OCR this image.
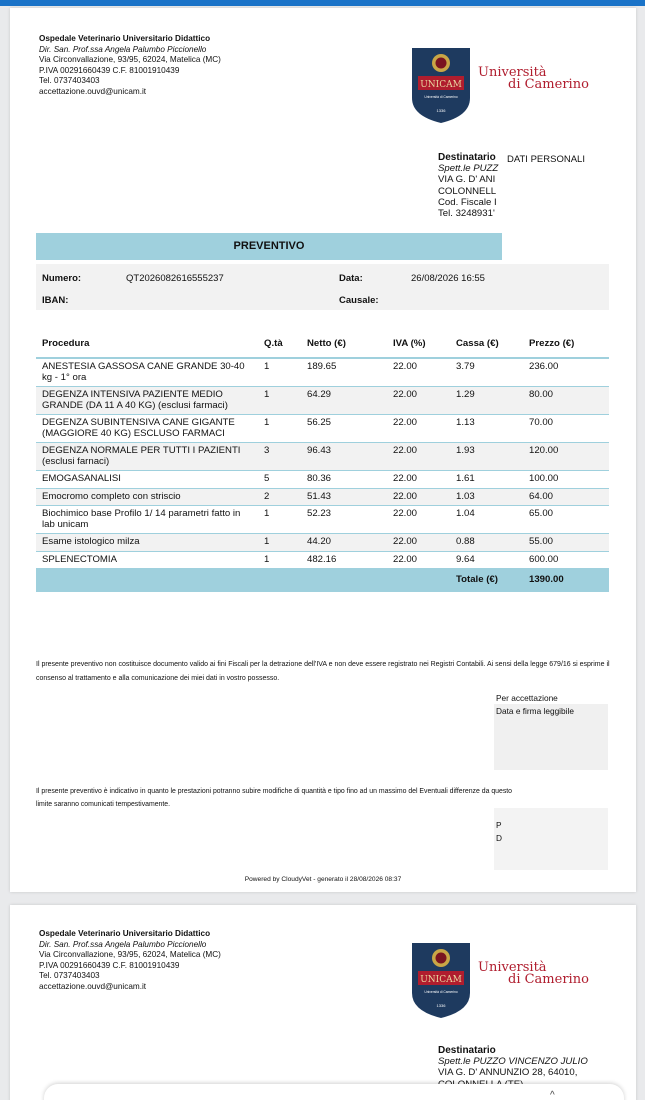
Ospedale Veterinario Universitario Didattico
Dir. San. Prof.ssa Angela Palumbo Piccionello
Via Circonvallazione, 93/95, 62024, Matelica (MC)
P.IVA 00291660439 C.F. 81001910439
Tel. 0737403403
accettazione.ouvd@unicam.it
UNICAM
Università di Camerino
1336
Università
di Camerino
Destinatario
Spett.le PUZZ
VIA G. D' ANI
COLONNELL
Cod. Fiscale I
Tel. 3248931'
DATI PERSONALI
PREVENTIVO
Numero:	QT2026082616555237	Data:	26/08/2026 16:55
IBAN:	Causale:
Procedura	Q.tà	Netto (€)	IVA (%)	Cassa (€)	Prezzo (€)
ANESTESIA GASSOSA CANE GRANDE 30-40 kg - 1° ora	1	189.65	22.00	3.79	236.00
DEGENZA INTENSIVA PAZIENTE MEDIO GRANDE (DA 11 A 40 KG) (esclusi farmaci)	1	64.29	22.00	1.29	80.00
DEGENZA SUBINTENSIVA CANE GIGANTE (MAGGIORE 40 KG) ESCLUSO FARMACI	1	56.25	22.00	1.13	70.00
DEGENZA NORMALE PER TUTTI I PAZIENTI (esclusi farnaci)	3	96.43	22.00	1.93	120.00
EMOGASANALISI	5	80.36	22.00	1.61	100.00
Emocromo completo con striscio	2	51.43	22.00	1.03	64.00
Biochimico base Profilo 1/ 14 parametri fatto in lab unicam	1	52.23	22.00	1.04	65.00
Esame istologico milza	1	44.20	22.00	0.88	55.00
SPLENECTOMIA	1	482.16	22.00	9.64	600.00
				Totale (€)	1390.00
Il presente preventivo non costituisce documento valido ai fini Fiscali per la detrazione dell'IVA e non deve essere registrato nei Registri Contabili. Ai sensi della legge 679/16 si esprime il consenso al trattamento e alla comunicazione dei miei dati in vostro possesso.
Per accettazione
Data e firma leggibile
Il presente preventivo è indicativo in quanto le prestazioni potranno subire modifiche di quantità e tipo fino ad un massimo del Eventuali differenze da questo limite saranno comunicati tempestivamente.
P
D
Powered by CloudyVet - generato il 28/08/2026 08:37
Ospedale Veterinario Universitario Didattico
Dir. San. Prof.ssa Angela Palumbo Piccionello
Via Circonvallazione, 93/95, 62024, Matelica (MC)
P.IVA 00291660439 C.F. 81001910439
Tel. 0737403403
accettazione.ouvd@unicam.it
UNICAM
Università di Camerino
1336
Università
di Camerino
Destinatario
Spett.le PUZZO VINCENZO JULIO
VIA G. D' ANNUNZIO 28, 64010,
^
